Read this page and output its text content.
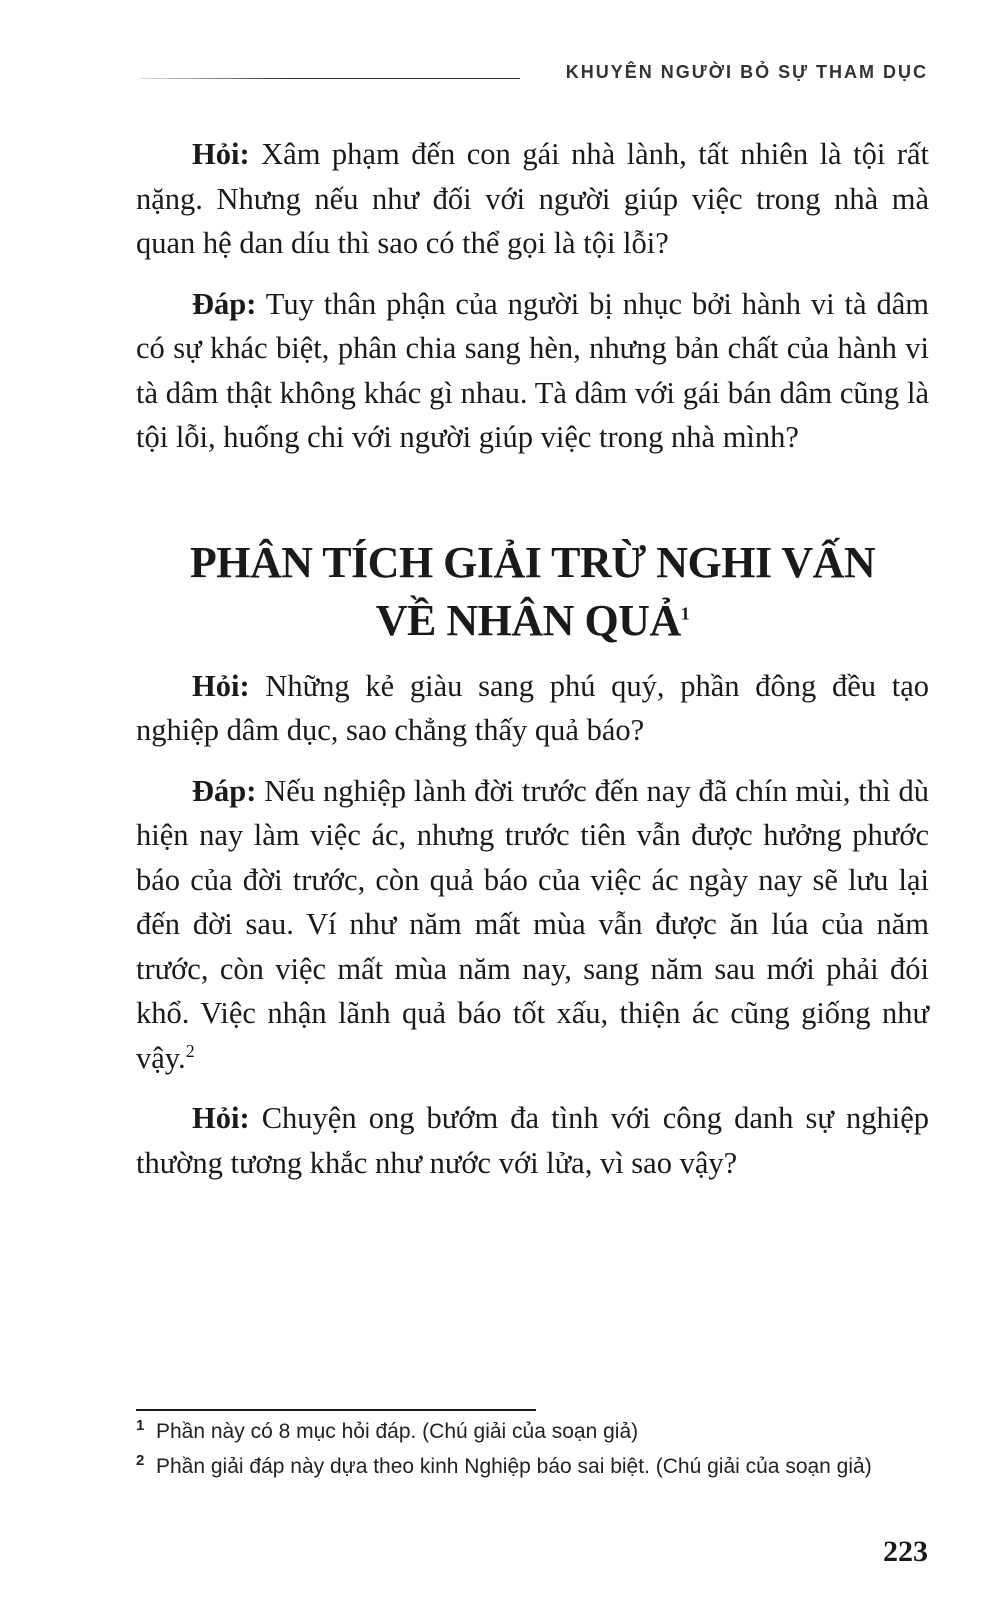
KHUYÊN NGƯỜI BỎ SỰ THAM DỤC

Hỏi: Xâm phạm đến con gái nhà lành, tất nhiên là tội rất nặng. Nhưng nếu như đối với người giúp việc trong nhà mà quan hệ dan díu thì sao có thể gọi là tội lỗi?

Đáp: Tuy thân phận của người bị nhục bởi hành vi tà dâm có sự khác biệt, phân chia sang hèn, nhưng bản chất của hành vi tà dâm thật không khác gì nhau. Tà dâm với gái bán dâm cũng là tội lỗi, huống chi với người giúp việc trong nhà mình?

PHÂN TÍCH GIẢI TRỪ NGHI VẤN
VỀ NHÂN QUẢ$^1$

Hỏi: Những kẻ giàu sang phú quý, phần đông đều tạo nghiệp dâm dục, sao chẳng thấy quả báo?

Đáp: Nếu nghiệp lành đời trước đến nay đã chín mùi, thì dù hiện nay làm việc ác, nhưng trước tiên vẫn được hưởng phước báo của đời trước, còn quả báo của việc ác ngày nay sẽ lưu lại đến đời sau. Ví như năm mất mùa vẫn được ăn lúa của năm trước, còn việc mất mùa năm nay, sang năm sau mới phải đói khổ. Việc nhận lãnh quả báo tốt xấu, thiện ác cũng giống như vậy.$^2$

Hỏi: Chuyện ong bướm đa tình với công danh sự nghiệp thường tương khắc như nước với lửa, vì sao vậy?

1 Phần này có 8 mục hỏi đáp. (Chú giải của soạn giả)
2 Phần giải đáp này dựa theo kinh Nghiệp báo sai biệt. (Chú giải của soạn giả)
223
